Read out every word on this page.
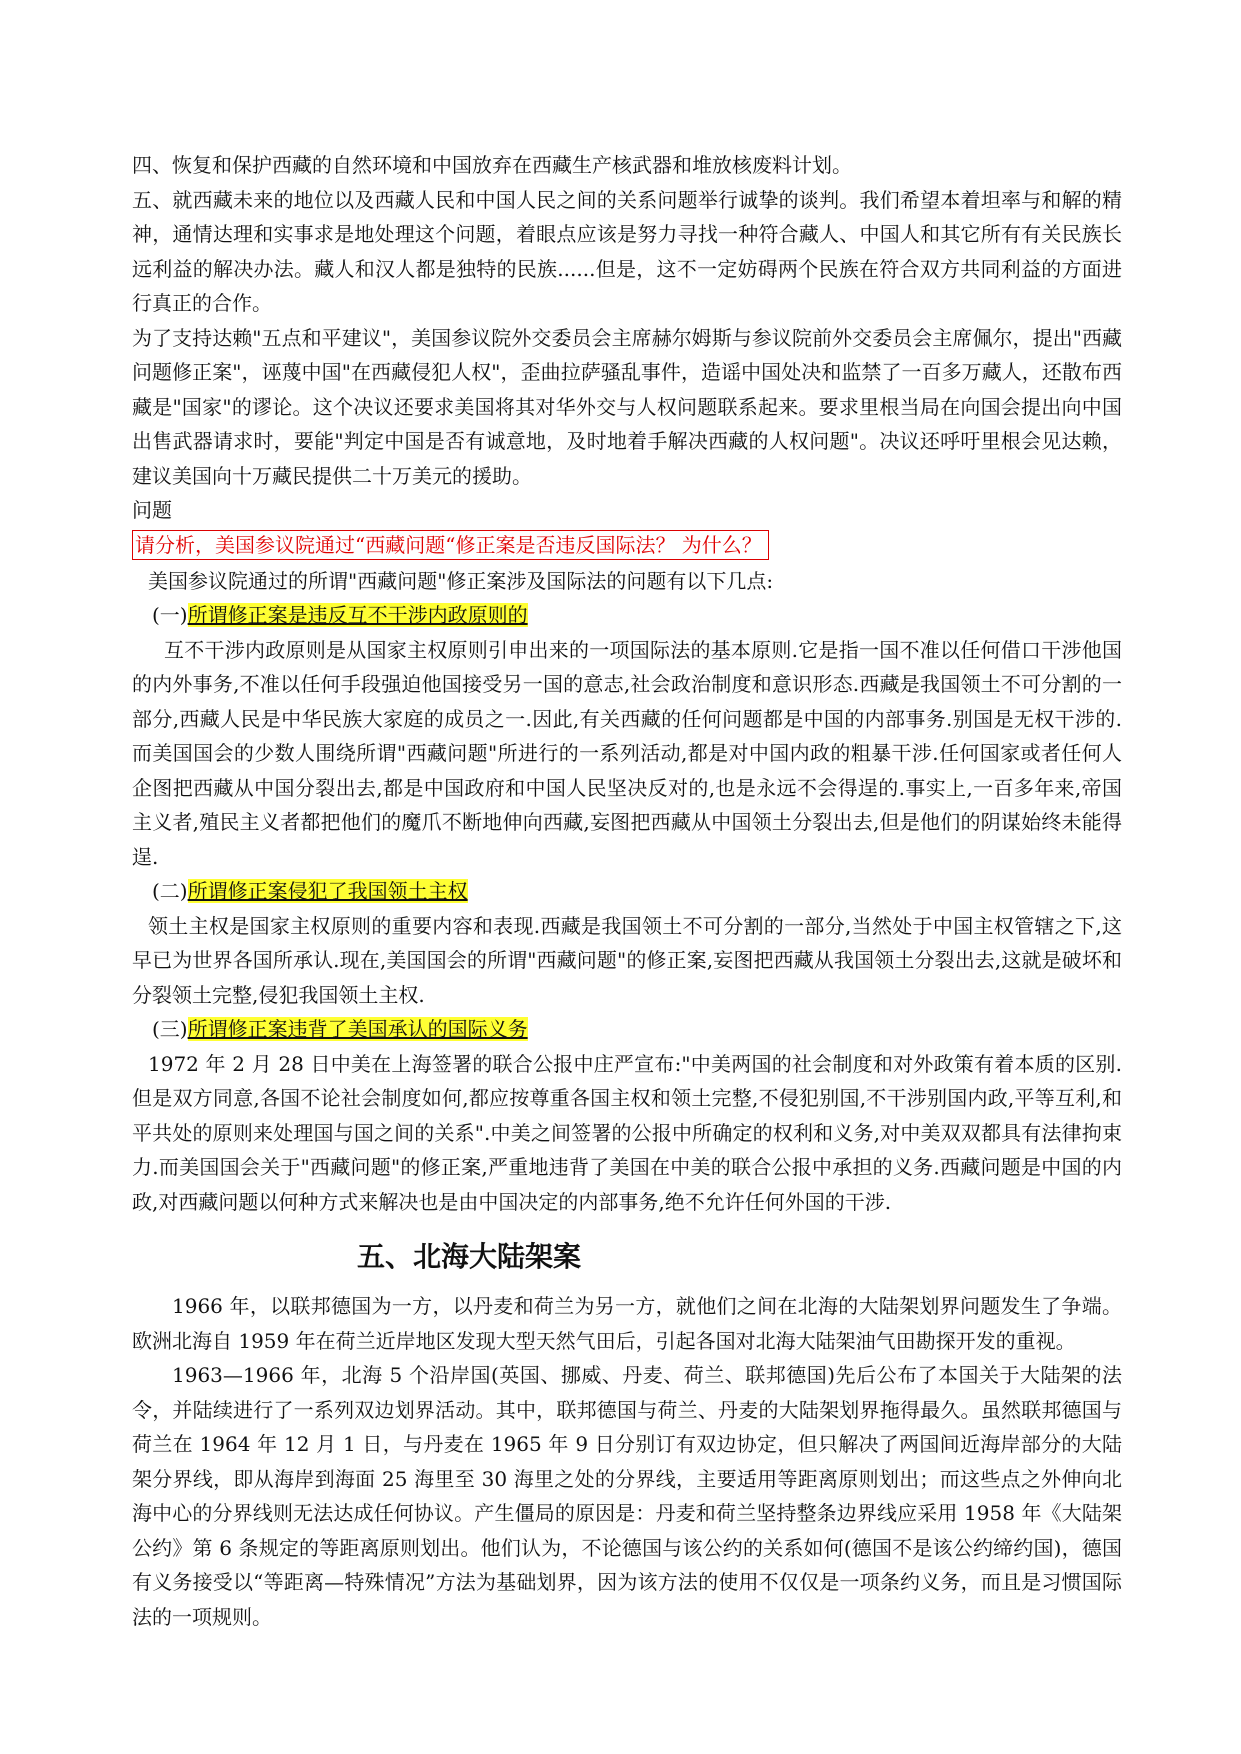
四、恢复和保护西藏的自然环境和中国放弃在西藏生产核武器和堆放核废料计划。

五、就西藏未来的地位以及西藏人民和中国人民之间的关系问题举行诚挚的谈判。我们希望本着坦率与和解的精神，通情达理和实事求是地处理这个问题，着眼点应该是努力寻找一种符合藏人、中国人和其它所有有关民族长远利益的解决办法。藏人和汉人都是独特的民族......但是，这不一定妨碍两个民族在符合双方共同利益的方面进行真正的合作。

为了支持达赖"五点和平建议"，美国参议院外交委员会主席赫尔姆斯与参议院前外交委员会主席佩尔，提出"西藏问题修正案"，诬蔑中国"在西藏侵犯人权"，歪曲拉萨骚乱事件，造谣中国处决和监禁了一百多万藏人，还散布西藏是"国家"的谬论。这个决议还要求美国将其对华外交与人权问题联系起来。要求里根当局在向国会提出向中国出售武器请求时，要能"判定中国是否有诚意地，及时地着手解决西藏的人权问题"。决议还呼吁里根会见达赖，建议美国向十万藏民提供二十万美元的援助。

问题

请分析，美国参议院通过“西藏问题“修正案是否违反国际法？ 为什么？

美国参议院通过的所谓"西藏问题"修正案涉及国际法的问题有以下几点:

(一)所谓修正案是违反互不干涉内政原则的

互不干涉内政原则是从国家主权原则引申出来的一项国际法的基本原则.它是指一国不准以任何借口干涉他国的内外事务,不准以任何手段强迫他国接受另一国的意志,社会政治制度和意识形态.西藏是我国领土不可分割的一部分,西藏人民是中华民族大家庭的成员之一.因此,有关西藏的任何问题都是中国的内部事务.别国是无权干涉的.而美国国会的少数人围绕所谓"西藏问题"所进行的一系列活动,都是对中国内政的粗暴干涉.任何国家或者任何人企图把西藏从中国分裂出去,都是中国政府和中国人民坚决反对的,也是永远不会得逞的.事实上,一百多年来,帝国主义者,殖民主义者都把他们的魔爪不断地伸向西藏,妄图把西藏从中国领土分裂出去,但是他们的阴谋始终未能得逞.

(二)所谓修正案侵犯了我国领土主权

领土主权是国家主权原则的重要内容和表现.西藏是我国领土不可分割的一部分,当然处于中国主权管辖之下,这早已为世界各国所承认.现在,美国国会的所谓"西藏问题"的修正案,妄图把西藏从我国领土分裂出去,这就是破坏和分裂领土完整,侵犯我国领土主权.

(三)所谓修正案违背了美国承认的国际义务

1972 年 2 月 28 日中美在上海签署的联合公报中庄严宣布:"中美两国的社会制度和对外政策有着本质的区别.但是双方同意,各国不论社会制度如何,都应按尊重各国主权和领土完整,不侵犯别国,不干涉别国内政,平等互利,和平共处的原则来处理国与国之间的关系".中美之间签署的公报中所确定的权利和义务,对中美双双都具有法律拘束力.而美国国会关于"西藏问题"的修正案,严重地违背了美国在中美的联合公报中承担的义务.西藏问题是中国的内政,对西藏问题以何种方式来解决也是由中国决定的内部事务,绝不允许任何外国的干涉.

五、北海大陆架案

1966 年，以联邦德国为一方，以丹麦和荷兰为另一方，就他们之间在北海的大陆架划界问题发生了争端。欧洲北海自 1959 年在荷兰近岸地区发现大型天然气田后，引起各国对北海大陆架油气田勘探开发的重视。

1963—1966 年，北海 5 个沿岸国(英国、挪威、丹麦、荷兰、联邦德国)先后公布了本国关于大陆架的法令，并陆续进行了一系列双边划界活动。其中，联邦德国与荷兰、丹麦的大陆架划界拖得最久。虽然联邦德国与荷兰在 1964 年 12 月 1 日，与丹麦在 1965 年 9 日分别订有双边协定，但只解决了两国间近海岸部分的大陆架分界线，即从海岸到海面 25 海里至 30 海里之处的分界线，主要适用等距离原则划出；而这些点之外伸向北海中心的分界线则无法达成任何协议。产生僵局的原因是：丹麦和荷兰坚持整条边界线应采用 1958 年《大陆架公约》第 6 条规定的等距离原则划出。他们认为，不论德国与该公约的关系如何(德国不是该公约缔约国)，德国有义务接受以“等距离—特殊情况”方法为基础划界，因为该方法的使用不仅仅是一项条约义务，而且是习惯国际法的一项规则。
